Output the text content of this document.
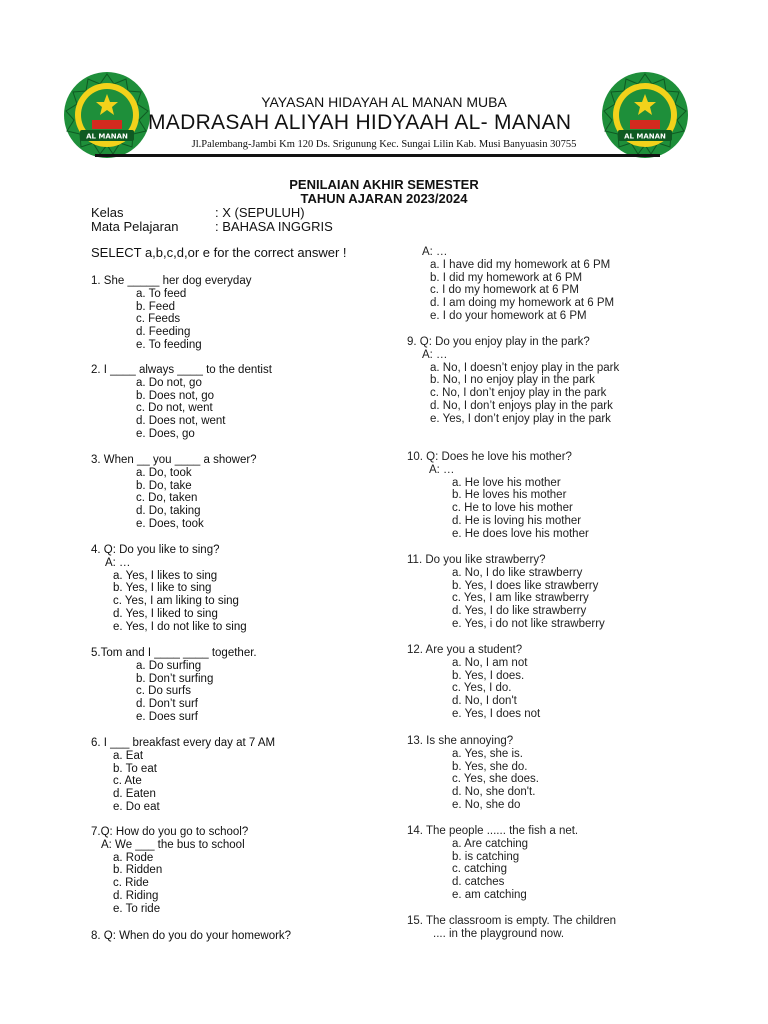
AL MANAN	AL MANAN
YAYASAN HIDAYAH AL MANAN MUBA
MADRASAH ALIYAH HIDYAAH AL- MANAN
Jl.Palembang-Jambi Km 120 Ds. Srigunung Kec. Sungai Lilin Kab. Musi Banyuasin 30755
PENILAIAN AKHIR SEMESTER
TAHUN AJARAN 2023/2024
Kelas	: X (SEPULUH)
Mata Pelajaran	: BAHASA INGGRIS
SELECT a,b,c,d,or e for the correct answer !
1. She _____ her dog everyday
a. To feed
b. Feed
c. Feeds
d. Feeding
e. To feeding
2. I ____ always ____ to the dentist
a. Do not, go
b. Does not, go
c. Do not, went
d. Does not, went
e. Does, go
3. When __ you ____ a shower?
a. Do, took
b. Do, take
c. Do, taken
d. Do, taking
e. Does, took
4. Q: Do you like to sing?
A: …
a. Yes, I likes to sing
b. Yes, I like to sing
c. Yes, I am liking to sing
d. Yes, I liked to sing
e. Yes, I do not like to sing
5.Tom and I ____ ____ together.
a. Do surfing
b. Don’t surfing
c. Do surfs
d. Don’t surf
e. Does surf
6. I ___ breakfast every day at 7 AM
a. Eat
b. To eat
c. Ate
d. Eaten
e. Do eat
7.Q: How do you go to school?
A: We ___ the bus to school
a. Rode
b. Ridden
c. Ride
d. Riding
e. To ride
8. Q: When do you do your homework?
A: …
a. I have did my homework at 6 PM
b. I did my homework at 6 PM
c. I do my homework at 6 PM
d. I am doing my homework at 6 PM
e. I do your homework at 6 PM
9. Q: Do you enjoy play in the park?
A: …
a. No, I doesn’t enjoy play in the park
b. No, I no enjoy play in the park
c. No, I don’t enjoy play in the park
d. No, I don’t enjoys play in the park
e. Yes, I don’t enjoy play in the park
10. Q: Does he love his mother?
A: …
a. He love his mother
b. He loves his mother
c. He to love his mother
d. He is loving his mother
e. He does love his mother
11. Do you like strawberry?
a. No, I do like strawberry
b. Yes, I does like strawberry
c. Yes, I am like strawberry
d. Yes, I do like strawberry
e. Yes, i do not like strawberry
12. Are you a student?
a. No, I am not
b. Yes, I does.
c. Yes, I do.
d. No, I don't
e. Yes, I does not
13. Is she annoying?
a. Yes, she is.
b. Yes, she do.
c. Yes, she does.
d. No, she don't.
e. No, she do
14. The people ...... the fish a net.
a. Are catching
b. is catching
c. catching
d. catches
e. am catching
15. The classroom is empty. The children
.... in the playground now.
